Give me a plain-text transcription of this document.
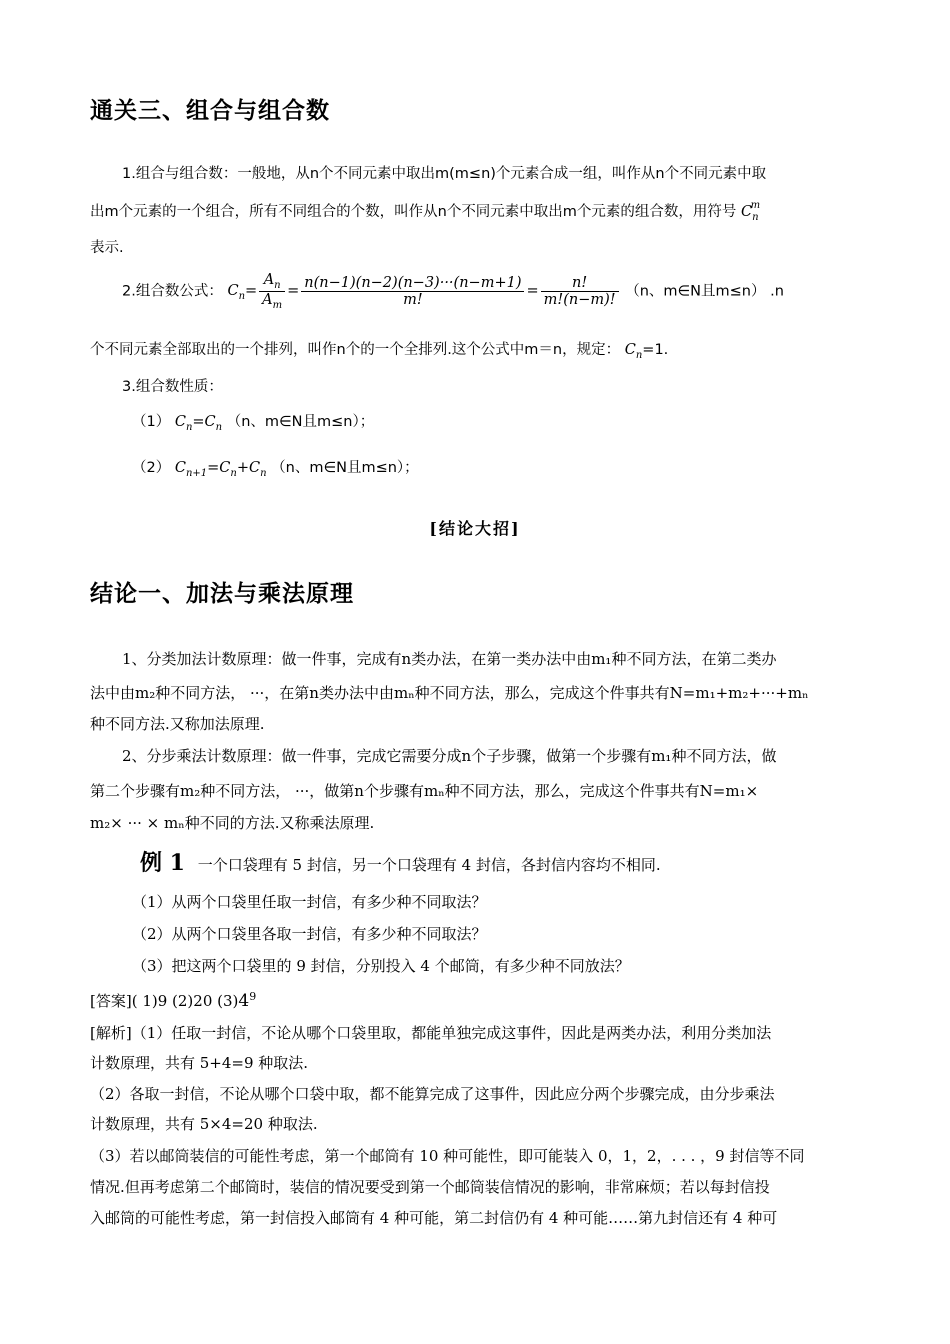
通关三、组合与组合数
1.组合与组合数：一般地，从n个不同元素中取出m(m≤n)个元素合成一组，叫作从n个不同元素中取
出m个元素的一个组合，所有不同组合的个数，叫作从n个不同元素中取出m个元素的组合数，用符号 $C_n^m$
表示.
2.组合数公式： $C_n= \frac{A_n}{A_m} = \frac{n(n-1)(n-2)(n-3)\cdot\cdot\cdot(n-m+1)}{m!} = \frac{n!}{m!(n-m)!} (n$、m∈N且m≤n） .n
个不同元素全部取出的一个排列，叫作n个的一个全排列.这个公式中m＝n，规定： $C_n=1$.
3.组合数性质：
（1） $C_n=C_n$ （n、m∈N且m≤n）；
（2） $C_{n+1}=C_n+C_n$ （n、m∈N且m≤n）；
[结论大招]
结论一、加法与乘法原理
1、分类加法计数原理：做一件事，完成有n类办法，在第一类办法中由m₁种不同方法，在第二类办
法中由m₂种不同方法， ···，在第n类办法中由mₙ种不同方法，那么，完成这个件事共有N=m₁+m₂+···+mₙ
种不同方法.又称加法原理.
2、分步乘法计数原理：做一件事，完成它需要分成n个子步骤，做第一个步骤有m₁种不同方法，做
第二个步骤有m₂种不同方法， ···，做第n个步骤有mₙ种不同方法，那么，完成这个件事共有N=m₁×
m₂× ··· × mₙ种不同的方法.又称乘法原理.
例 1 一个口袋理有 5 封信，另一个口袋理有 4 封信，各封信内容均不相同.
（1）从两个口袋里任取一封信，有多少种不同取法？
（2）从两个口袋里各取一封信，有多少种不同取法？
（3）把这两个口袋里的 9 封信，分别投入 4 个邮筒，有多少种不同放法？
[答案]( 1)9 (2)20 $(3)4^9$
[解析]（1）任取一封信，不论从哪个口袋里取，都能单独完成这事件，因此是两类办法，利用分类加法
计数原理，共有 5+4=9 种取法.
（2）各取一封信，不论从哪个口袋中取，都不能算完成了这事件，因此应分两个步骤完成，由分步乘法
计数原理，共有 5×4=20 种取法.
（3）若以邮筒装信的可能性考虑，第一个邮筒有 10 种可能性，即可能装入 0，1，2，. . . ，9 封信等不同
情况.但再考虑第二个邮筒时，装信的情况要受到第一个邮筒装信情况的影响，非常麻烦；若以每封信投
入邮筒的可能性考虑，第一封信投入邮筒有 4 种可能，第二封信仍有 4 种可能……第九封信还有 4 种可
